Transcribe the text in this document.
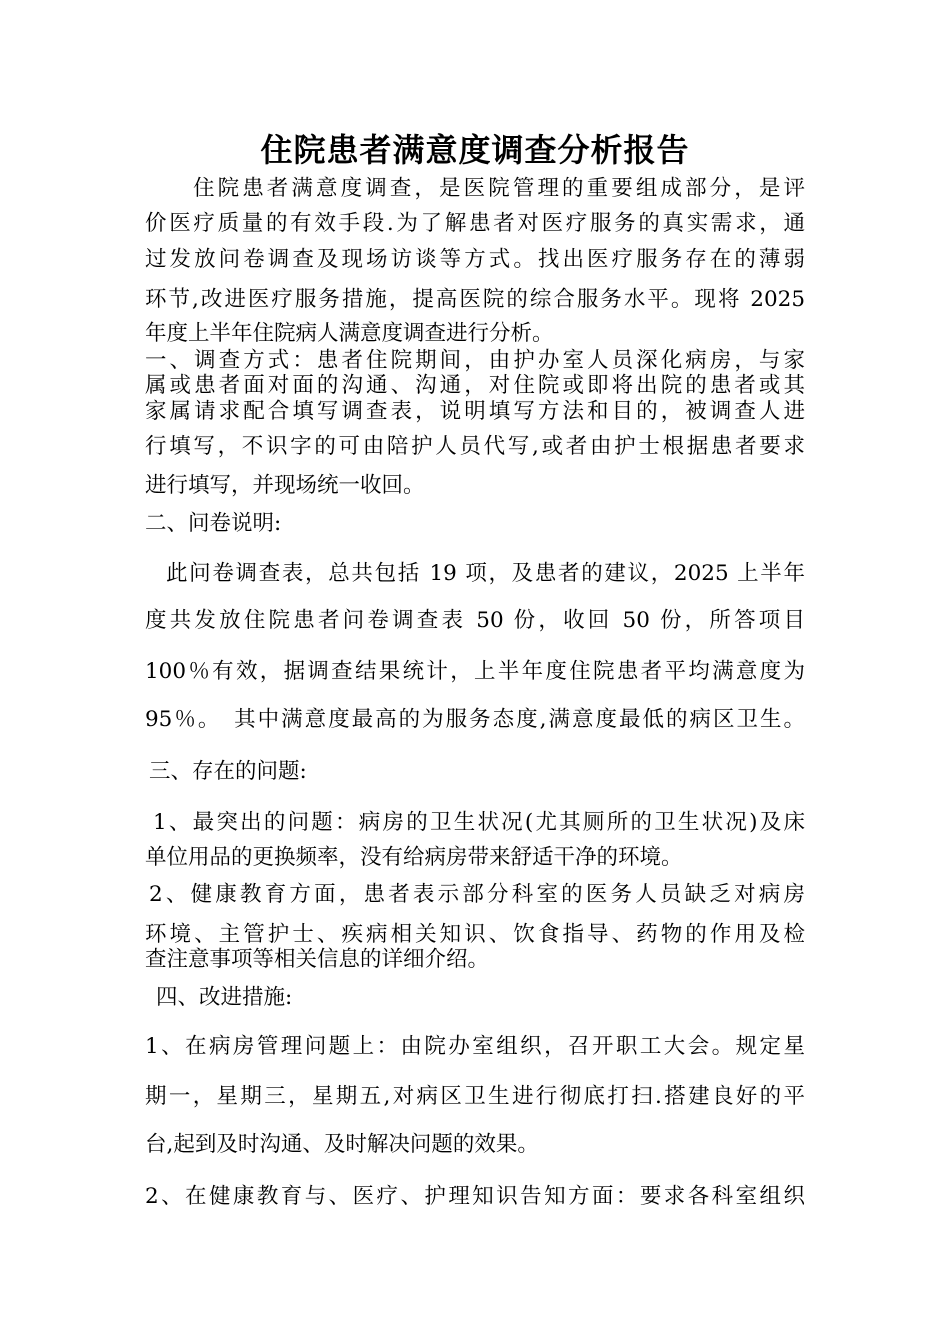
住院患者满意度调查分析报告
住院患者满意度调查，是医院管理的重要组成部分，是评
价医疗质量的有效手段.为了解患者对医疗服务的真实需求，通
过发放问卷调查及现场访谈等方式。找出医疗服务存在的薄弱
环节,改进医疗服务措施，提高医院的综合服务水平。现将 2025
年度上半年住院病人满意度调查进行分析。
一、调查方式：患者住院期间，由护办室人员深化病房，与家
属或患者面对面的沟通、沟通，对住院或即将出院的患者或其
家属请求配合填写调查表，说明填写方法和目的，被调查人进
行填写，不识字的可由陪护人员代写,或者由护士根据患者要求
进行填写，并现场统一收回。
二、问卷说明:
此问卷调查表，总共包括 19 项，及患者的建议，2025 上半年
度共发放住院患者问卷调查表 50 份，收回 50 份，所答项目
100％有效，据调查结果统计，上半年度住院患者平均满意度为
95％。　其中满意度最高的为服务态度,满意度最低的病区卫生。
三、存在的问题:
1、最突出的问题：病房的卫生状况(尤其厕所的卫生状况)及床
单位用品的更换频率，没有给病房带来舒适干净的环境。
2、健康教育方面，患者表示部分科室的医务人员缺乏对病房
环境、主管护士、疾病相关知识、饮食指导、药物的作用及检
查注意事项等相关信息的详细介绍。
四、改进措施:
1、在病房管理问题上：由院办室组织，召开职工大会。规定星
期一，星期三，星期五,对病区卫生进行彻底打扫.搭建良好的平
台,起到及时沟通、及时解决问题的效果。
2、在健康教育与、医疗、护理知识告知方面：要求各科室组织
